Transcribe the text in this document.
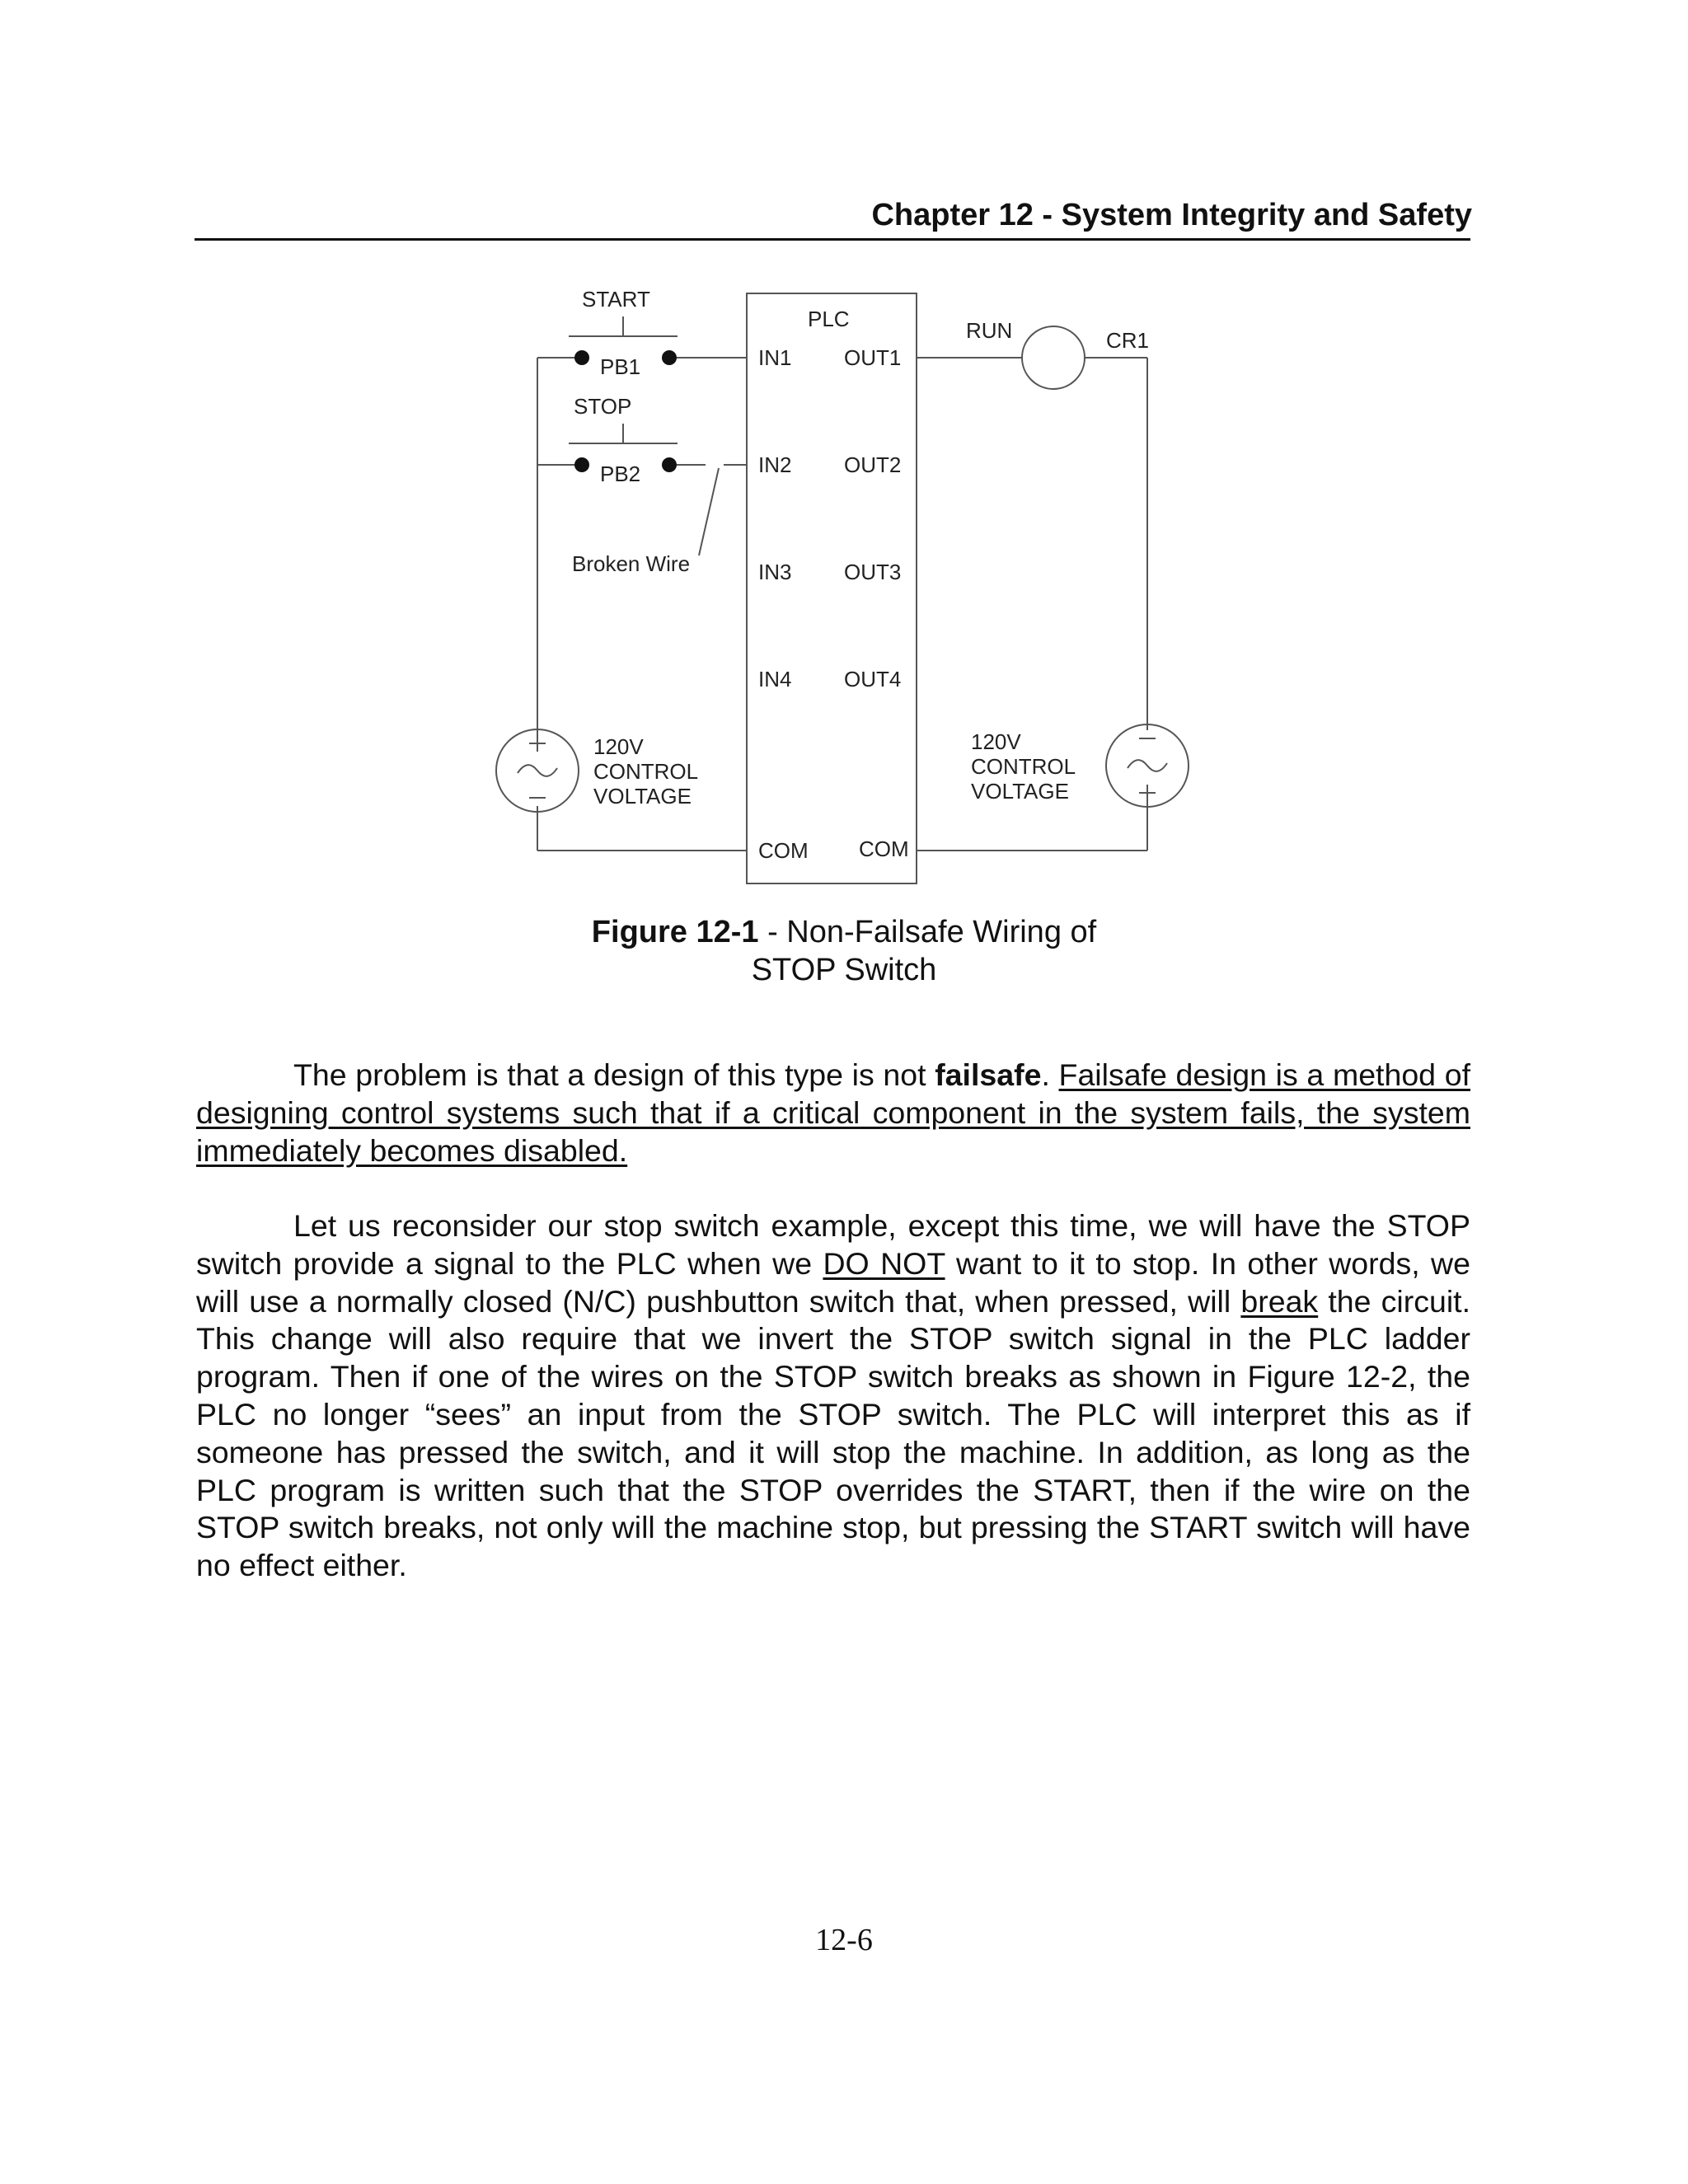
Chapter 12 - System Integrity and Safety
START
PB1
STOP
PB2
Broken Wire
PLC
IN1 OUT1
IN2 OUT2
IN3 OUT3
IN4 OUT4
COM COM
RUN	CR1
120V
CONTROL
VOLTAGE
120V
CONTROL
VOLTAGE
Figure 12-1 - Non-Failsafe Wiring of
STOP Switch
The problem is that a design of this type is not failsafe. Failsafe design is a method of designing control systems such that if a critical component in the system fails, the system immediately becomes disabled.
Let us reconsider our stop switch example, except this time, we will have the STOP switch provide a signal to the PLC when we DO NOT want to it to stop. In other words, we will use a normally closed (N/C) pushbutton switch that, when pressed, will break the circuit. This change will also require that we invert the STOP switch signal in the PLC ladder program. Then if one of the wires on the STOP switch breaks as shown in Figure 12-2, the PLC no longer “sees” an input from the STOP switch. The PLC will interpret this as if someone has pressed the switch, and it will stop the machine. In addition, as long as the PLC program is written such that the STOP overrides the START, then if the wire on the STOP switch breaks, not only will the machine stop, but pressing the START switch will have no effect either.
12-6
